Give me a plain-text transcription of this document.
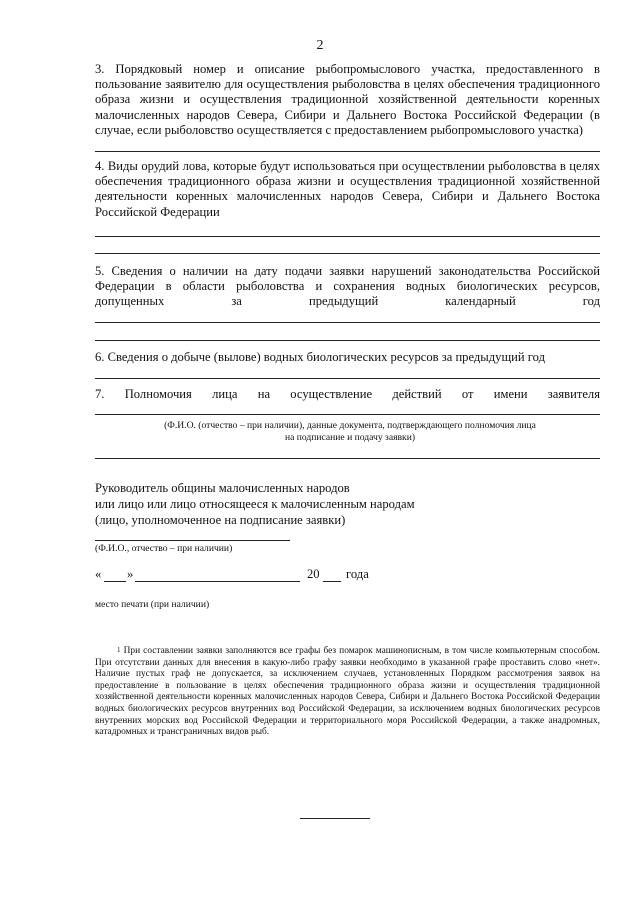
2
3. Порядковый номер и описание рыбопромыслового участка, предоставленного в пользование заявителю для осуществления рыболовства в целях обеспечения традиционного образа жизни и осуществления традиционной хозяйственной деятельности коренных малочисленных народов Севера, Сибири и Дальнего Востока Российской Федерации (в случае, если рыболовство осуществляется с предоставлением рыбопромыслового участка)
4. Виды орудий лова, которые будут использоваться при осуществлении рыболовства в целях обеспечения традиционного образа жизни и осуществления традиционной хозяйственной деятельности коренных малочисленных народов Севера, Сибири и Дальнего Востока Российской Федерации
5. Сведения о наличии на дату подачи заявки нарушений законодательства Российской Федерации в области рыболовства и сохранения водных биологических ресурсов, допущенных за предыдущий календарный год
6. Сведения о добыче (вылове) водных биологических ресурсов за предыдущий год
7. Полномочия лица на осуществление действий от имени заявителя
(Ф.И.О. (отчество – при наличии), данные документа, подтверждающего полномочия лица
на подписание и подачу заявки)
Руководитель общины малочисленных народов
или лицо или лицо относящееся к малочисленным народам
(лицо, уполномоченное на подписание заявки)
(Ф.И.О., отчество – при наличии)
« »	20 года
место печати (при наличии)
$^1$ При составлении заявки заполняются все графы без помарок машинописным, в том числе компьютерным способом. При отсутствии данных для внесения в какую-либо графу заявки необходимо в указанной графе проставить слово «нет». Наличие пустых граф не допускается, за исключением случаев, установленных Порядком рассмотрения заявок на предоставление в пользование в целях обеспечения традиционного образа жизни и осуществления традиционной хозяйственной деятельности коренных малочисленных народов Севера, Сибири и Дальнего Востока Российской Федерации водных биологических ресурсов внутренних вод Российской Федерации, за исключением водных биологических ресурсов внутренних морских вод Российской Федерации и территориального моря Российской Федерации, а также анадромных, катадромных и трансграничных видов рыб.
